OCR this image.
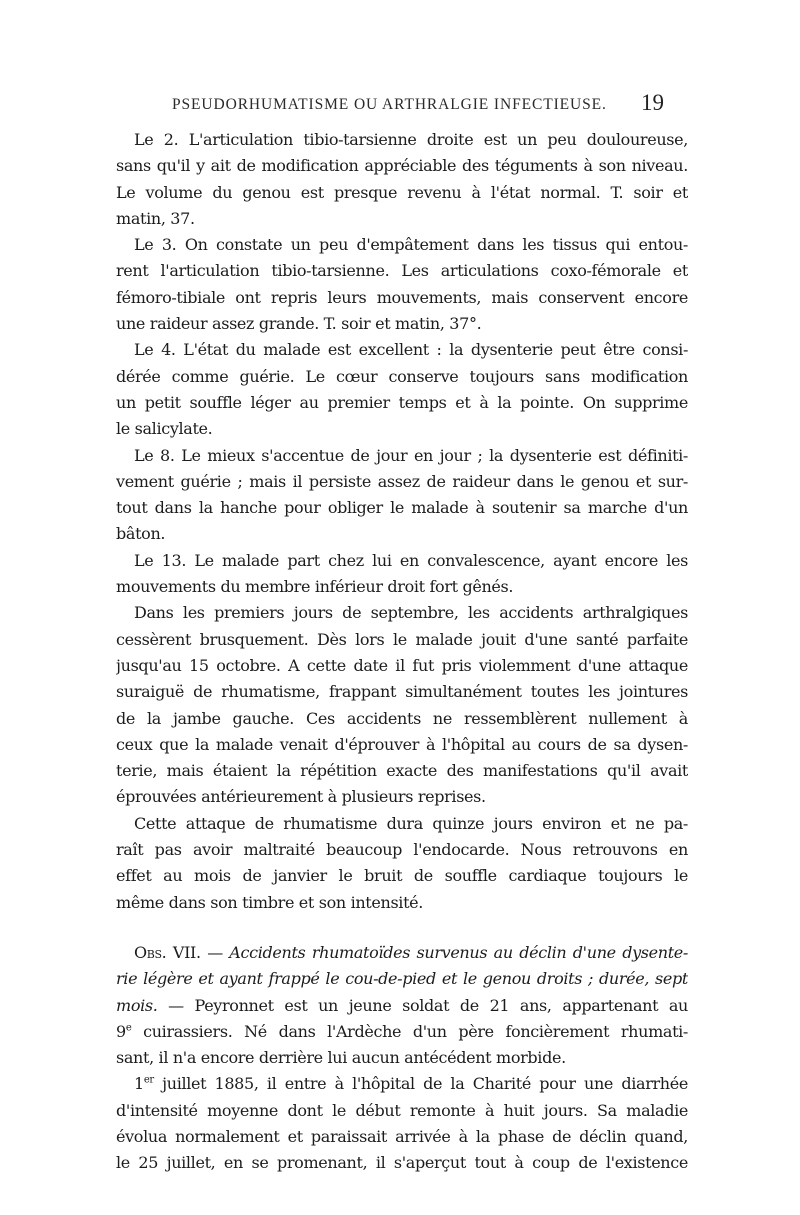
PSEUDORHUMATISME OU ARTHRALGIE INFECTIEUSE. 19
Le 2. L'articulation tibio-tarsienne droite est un peu douloureuse,
sans qu'il y ait de modification appréciable des téguments à son niveau.
Le volume du genou est presque revenu à l'état normal. T. soir et
matin, 37.
Le 3. On constate un peu d'empâtement dans les tissus qui entou-
rent l'articulation tibio-tarsienne. Les articulations coxo-fémorale et
fémoro-tibiale ont repris leurs mouvements, mais conservent encore
une raideur assez grande. T. soir et matin, 37°.
Le 4. L'état du malade est excellent : la dysenterie peut être consi-
dérée comme guérie. Le cœur conserve toujours sans modification
un petit souffle léger au premier temps et à la pointe. On supprime
le salicylate.
Le 8. Le mieux s'accentue de jour en jour ; la dysenterie est définiti-
vement guérie ; mais il persiste assez de raideur dans le genou et sur-
tout dans la hanche pour obliger le malade à soutenir sa marche d'un
bâton.
Le 13. Le malade part chez lui en convalescence, ayant encore les
mouvements du membre inférieur droit fort gênés.
Dans les premiers jours de septembre, les accidents arthralgiques
cessèrent brusquement. Dès lors le malade jouit d'une santé parfaite
jusqu'au 15 octobre. A cette date il fut pris violemment d'une attaque
suraiguë de rhumatisme, frappant simultanément toutes les jointures
de la jambe gauche. Ces accidents ne ressemblèrent nullement à
ceux que la malade venait d'éprouver à l'hôpital au cours de sa dysen-
terie, mais étaient la répétition exacte des manifestations qu'il avait
éprouvées antérieurement à plusieurs reprises.
Cette attaque de rhumatisme dura quinze jours environ et ne pa-
raît pas avoir maltraité beaucoup l'endocarde. Nous retrouvons en
effet au mois de janvier le bruit de souffle cardiaque toujours le
même dans son timbre et son intensité.
Obs. VII. — Accidents rhumatoïdes survenus au déclin d'une dysente-
rie légère et ayant frappé le cou-de-pied et le genou droits ; durée, sept
mois. — Peyronnet est un jeune soldat de 21 ans, appartenant au
9e cuirassiers. Né dans l'Ardèche d'un père foncièrement rhumati-
sant, il n'a encore derrière lui aucun antécédent morbide.
1er juillet 1885, il entre à l'hôpital de la Charité pour une diarrhée
d'intensité moyenne dont le début remonte à huit jours. Sa maladie
évolua normalement et paraissait arrivée à la phase de déclin quand,
le 25 juillet, en se promenant, il s'aperçut tout à coup de l'existence
